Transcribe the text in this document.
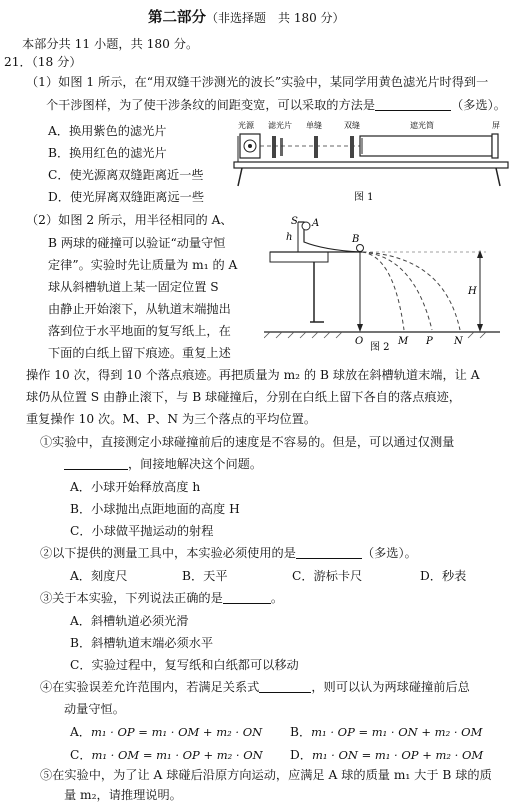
第二部分（非选择题　共 180 分）
本部分共 11 小题，共 180 分。
21．（18 分）
（1）如图 1 所示，在“用双缝干涉测光的波长”实验中，某同学用黄色滤光片时得到一
个干涉图样，为了使干涉条纹的间距变宽，可以采取的方法是	（多选）。
A．换用紫色的滤光片
B．换用红色的滤光片
C．使光源离双缝距离近一些
D．使光屏离双缝距离远一些
光源 滤光片 单缝	双缝	遮光筒	屏
图 1
（2）如图 2 所示，用半径相同的 A、
B 两球的碰撞可以验证“动量守恒
定律”。实验时先让质量为 m₁ 的 A
球从斜槽轨道上某一固定位置 S
由静止开始滚下，从轨道末端抛出
落到位于水平地面的复写纸上，在
下面的白纸上留下痕迹。重复上述
S A
h	B
H
O	M P N
图 2
操作 10 次，得到 10 个落点痕迹。再把质量为 m₂ 的 B 球放在斜槽轨道末端，让 A
球仍从位置 S 由静止滚下，与 B 球碰撞后，分别在白纸上留下各自的落点痕迹，
重复操作 10 次。M、P、N 为三个落点的平均位置。
①实验中，直接测定小球碰撞前后的速度是不容易的。但是，可以通过仅测量
，间接地解决这个问题。
A．小球开始释放高度 h
B．小球抛出点距地面的高度 H
C．小球做平抛运动的射程
②以下提供的测量工具中，本实验必须使用的是	（多选）。
A．刻度尺	B．天平	C．游标卡尺	D．秒表
③关于本实验，下列说法正确的是	。
A．斜槽轨道必须光滑
B．斜槽轨道末端必须水平
C．实验过程中，复写纸和白纸都可以移动
④在实验误差允许范围内，若满足关系式	，则可以认为两球碰撞前后总
动量守恒。
A．m₁ · OP = m₁ · OM + m₂ · ON B．m₁ · OP = m₁ · ON + m₂ · OM
C．m₁ · OM = m₁ · OP + m₂ · ON D．m₁ · ON = m₁ · OP + m₂ · OM
⑤在实验中，为了让 A 球碰后沿原方向运动，应满足 A 球的质量 m₁ 大于 B 球的质
量 m₂，请推理说明。
